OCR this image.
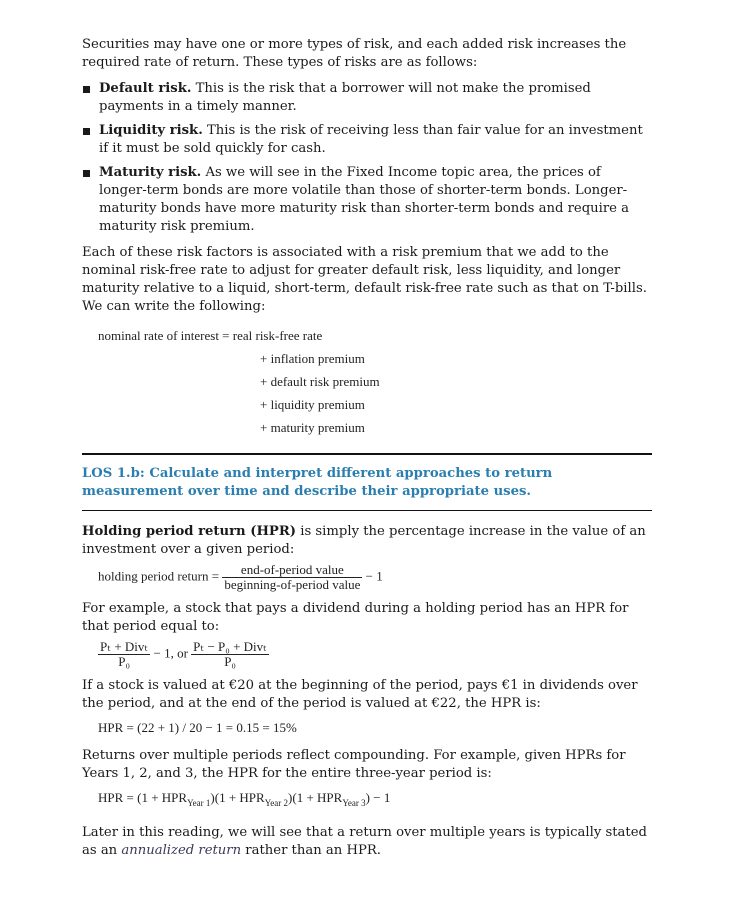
Securities may have one or more types of risk, and each added risk increases the required rate of return. These types of risks are as follows:

Default risk. This is the risk that a borrower will not make the promised payments in a timely manner.
Liquidity risk. This is the risk of receiving less than fair value for an investment if it must be sold quickly for cash.
Maturity risk. As we will see in the Fixed Income topic area, the prices of longer-term bonds are more volatile than those of shorter-term bonds. Longer-maturity bonds have more maturity risk than shorter-term bonds and require a maturity risk premium.

Each of these risk factors is associated with a risk premium that we add to the nominal risk-free rate to adjust for greater default risk, less liquidity, and longer maturity relative to a liquid, short-term, default risk-free rate such as that on T-bills. We can write the following:

nominal rate of interest = real risk-free rate
+ inflation premium
+ default risk premium
+ liquidity premium
+ maturity premium
LOS 1.b: Calculate and interpret different approaches to return measurement over time and describe their appropriate uses.

Holding period return (HPR) is simply the percentage increase in the value of an investment over a given period:

holding period return = $\frac{\text{end-of-period value}}{\text{beginning-of-period value}} - 1$

For example, a stock that pays a dividend during a holding period has an HPR for that period equal to:

$\frac{\text{Pₜ + Divₜ}}{\text{P₀}} - 1$, or $\frac{\text{Pₜ − P₀ + Divₜ}}{\text{P₀}}$

If a stock is valued at €20 at the beginning of the period, pays €1 in dividends over the period, and at the end of the period is valued at €22, the HPR is:

HPR = (22 + 1) / 20 − 1 = 0.15 = 15%

Returns over multiple periods reflect compounding. For example, given HPRs for Years 1, 2, and 3, the HPR for the entire three-year period is:

HPR = $(1 + HPR_{Year 1})(1 + HPR_{Year 2})(1 + HPR_{Year 3}) - 1$

Later in this reading, we will see that a return over multiple years is typically stated as an annualized return rather than an HPR.
